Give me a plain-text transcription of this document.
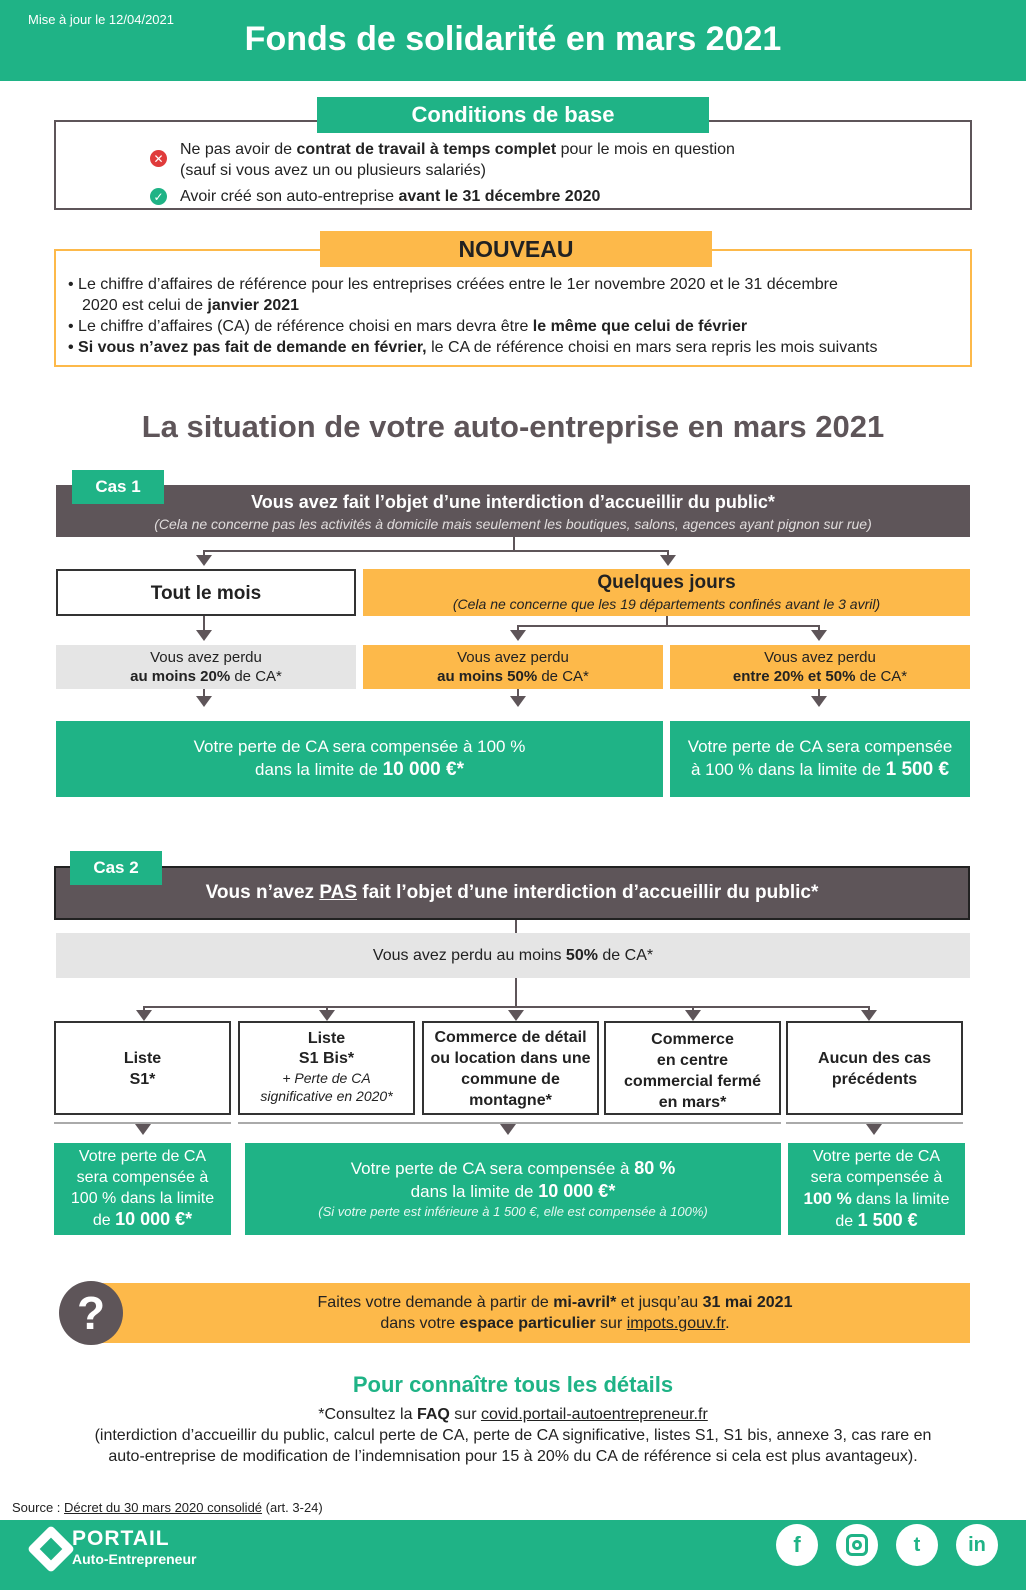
Mise à jour le 12/04/2021
Fonds de solidarité en mars 2021
Conditions de base
✕
Ne pas avoir de contrat de travail à temps complet pour le mois en question
(sauf si vous avez un ou plusieurs salariés)
✓	Avoir créé son auto-entreprise avant le 31 décembre 2020
NOUVEAU
• Le chiffre d’affaires de référence pour les entreprises créées entre le 1er novembre 2020 et le 31 décembre
2020 est celui de janvier 2021
• Le chiffre d’affaires (CA) de référence choisi en mars devra être le même que celui de février
• Si vous n’avez pas fait de demande en février, le CA de référence choisi en mars sera repris les mois suivants
La situation de votre auto-entreprise en mars 2021
Vous avez fait l’objet d’une interdiction d’accueillir du public*
(Cela ne concerne pas les activités à domicile mais seulement les boutiques, salons, agences ayant pignon sur rue)
Cas 1
Tout le mois
Quelques jours
(Cela ne concerne que les 19 départements confinés avant le 3 avril)
Vous avez perdu
au moins 20% de CA*
Vous avez perdu
au moins 50% de CA*
Vous avez perdu
entre 20% et 50% de CA*
Votre perte de CA sera compensée à 100 %
dans la limite de 10 000 €*
Votre perte de CA sera compensée
à 100 % dans la limite de 1 500 €
Vous n’avez PAS fait l’objet d’une interdiction d’accueillir du public*
Cas 2
Vous avez perdu au moins 50% de CA*
Liste
S1*
Liste
S1 Bis*
+ Perte de CA
significative en 2020*
Commerce de détail
ou location dans une
commune de
montagne*
Commerce
en centre
commercial fermé
en mars*
Aucun des cas
précédents
Votre perte de CA
sera compensée à
100 % dans la limite
de 10 000 €*
Votre perte de CA sera compensée à 80 %
dans la limite de 10 000 €*
(Si votre perte est inférieure à 1 500 €, elle est compensée à 100%)
Votre perte de CA
sera compensée à
100 % dans la limite
de 1 500 €
Faites votre demande à partir de mi-avril* et jusqu’au 31 mai 2021
dans votre espace particulier sur impots.gouv.fr.
?
Pour connaître tous les détails
*Consultez la FAQ sur covid.portail-autoentrepreneur.fr
(interdiction d’accueillir du public, calcul perte de CA, perte de CA significative, listes S1, S1 bis, annexe 3, cas rare en
auto-entreprise de modification de l’indemnisation pour 15 à 20% du CA de référence si cela est plus avantageux).
Source : Décret du 30 mars 2020 consolidé (art. 3-24)
PORTAIL
Auto-Entrepreneur
f	t	in
